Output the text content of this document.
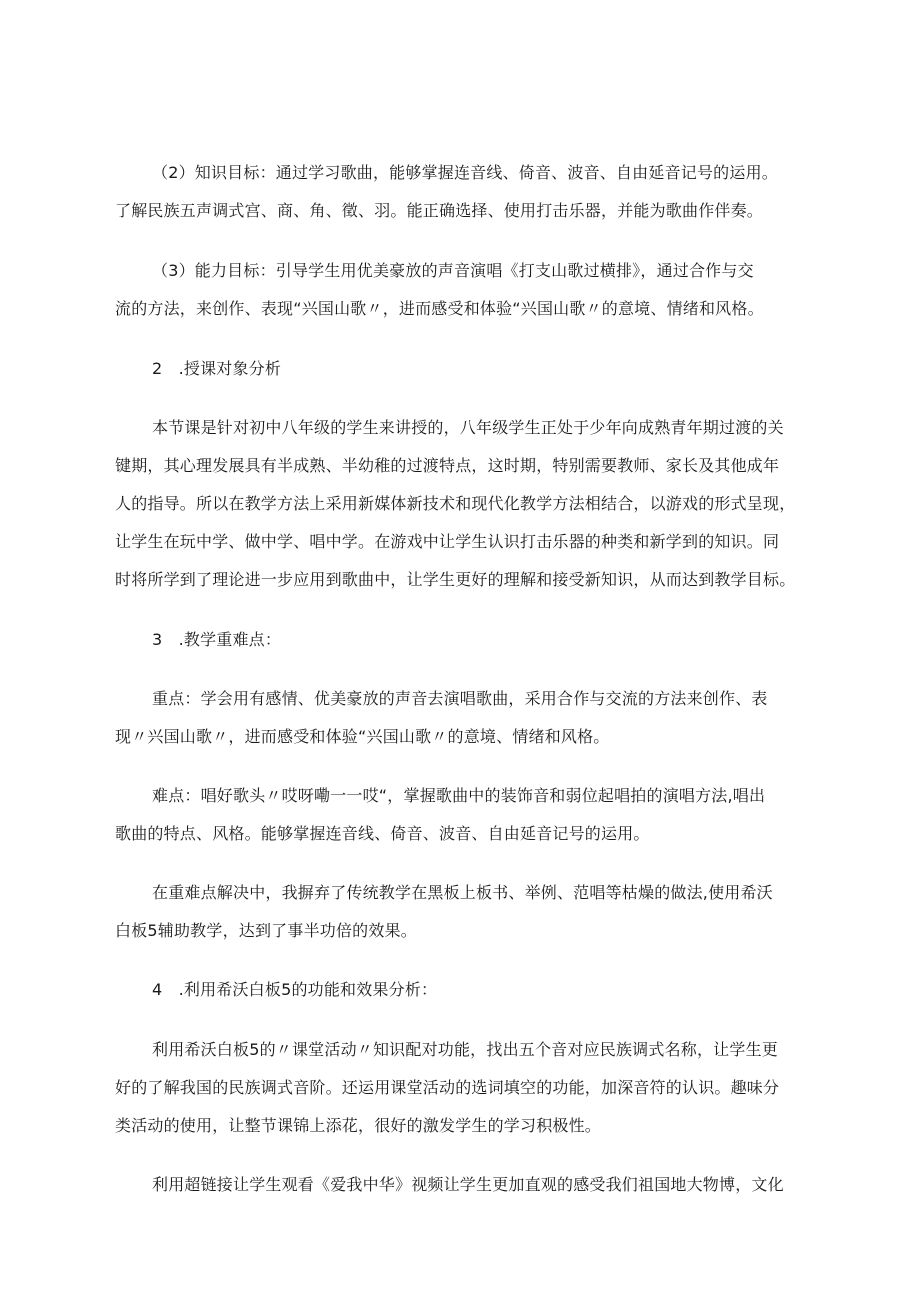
（2）知识目标：通过学习歌曲，能够掌握连音线、倚音、波音、自由延音记号的运用。
了解民族五声调式宫、商、角、徵、羽。能正确选择、使用打击乐器，并能为歌曲作伴奏。
（3）能力目标：引导学生用优美豪放的声音演唱《打支山歌过横排》，通过合作与交
流的方法，来创作、表现“兴国山歌〃，进而感受和体验“兴国山歌〃的意境、情绪和风格。
2　.授课对象分析
本节课是针对初中八年级的学生来讲授的，八年级学生正处于少年向成熟青年期过渡的关
键期，其心理发展具有半成熟、半幼稚的过渡特点，这时期，特别需要教师、家长及其他成年
人的指导。所以在教学方法上采用新媒体新技术和现代化教学方法相结合，以游戏的形式呈现，
让学生在玩中学、做中学、唱中学。在游戏中让学生认识打击乐器的种类和新学到的知识。同
时将所学到了理论进一步应用到歌曲中，让学生更好的理解和接受新知识，从而达到教学目标。
3　.教学重难点：
重点：学会用有感情、优美豪放的声音去演唱歌曲，采用合作与交流的方法来创作、表
现〃兴国山歌〃，进而感受和体验“兴国山歌〃的意境、情绪和风格。
难点：唱好歌头〃哎呀嘞一一哎“，掌握歌曲中的装饰音和弱位起唱拍的演唱方法,唱出
歌曲的特点、风格。能够掌握连音线、倚音、波音、自由延音记号的运用。
在重难点解决中，我摒弃了传统教学在黑板上板书、举例、范唱等枯燥的做法,使用希沃
白板5辅助教学，达到了事半功倍的效果。
4　.利用希沃白板5的功能和效果分析：
利用希沃白板5的〃课堂活动〃知识配对功能，找出五个音对应民族调式名称，让学生更
好的了解我国的民族调式音阶。还运用课堂活动的选词填空的功能，加深音符的认识。趣味分
类活动的使用，让整节课锦上添花，很好的激发学生的学习积极性。
利用超链接让学生观看《爱我中华》视频让学生更加直观的感受我们祖国地大物博，文化
